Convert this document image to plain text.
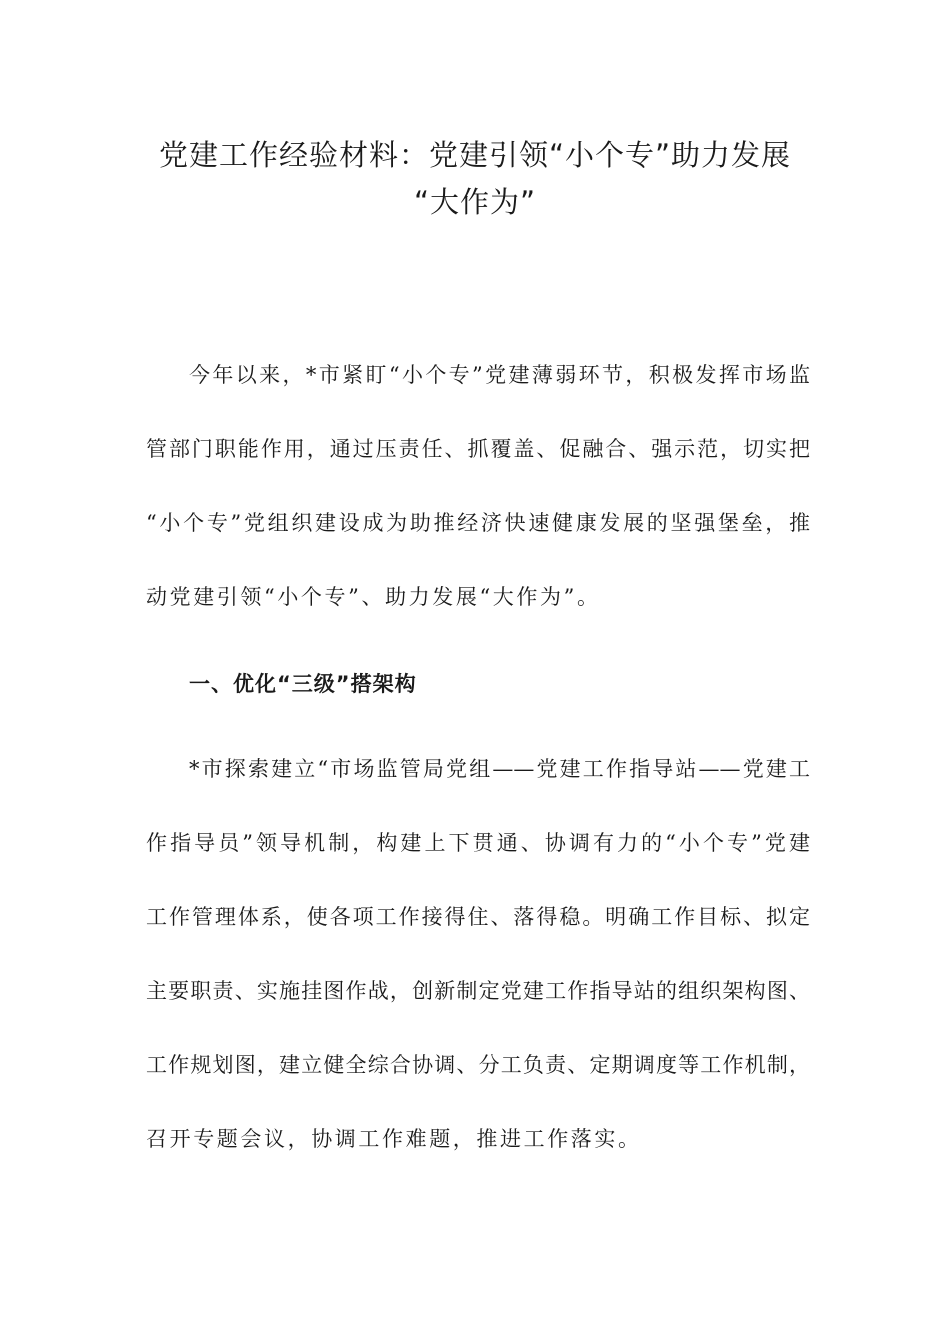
党建工作经验材料：党建引领“小个专”助力发展
“大作为”
今年以来，*市紧盯“小个专”党建薄弱环节，积极发挥市场监
管部门职能作用，通过压责任、抓覆盖、促融合、强示范，切实把
“小个专”党组织建设成为助推经济快速健康发展的坚强堡垒，推
动党建引领“小个专”、助力发展“大作为”。
一、优化“三级”搭架构
*市探索建立“市场监管局党组——党建工作指导站——党建工
作指导员”领导机制，构建上下贯通、协调有力的“小个专”党建
工作管理体系，使各项工作接得住、落得稳。明确工作目标、拟定
主要职责、实施挂图作战，创新制定党建工作指导站的组织架构图、
工作规划图，建立健全综合协调、分工负责、定期调度等工作机制，
召开专题会议，协调工作难题，推进工作落实。
